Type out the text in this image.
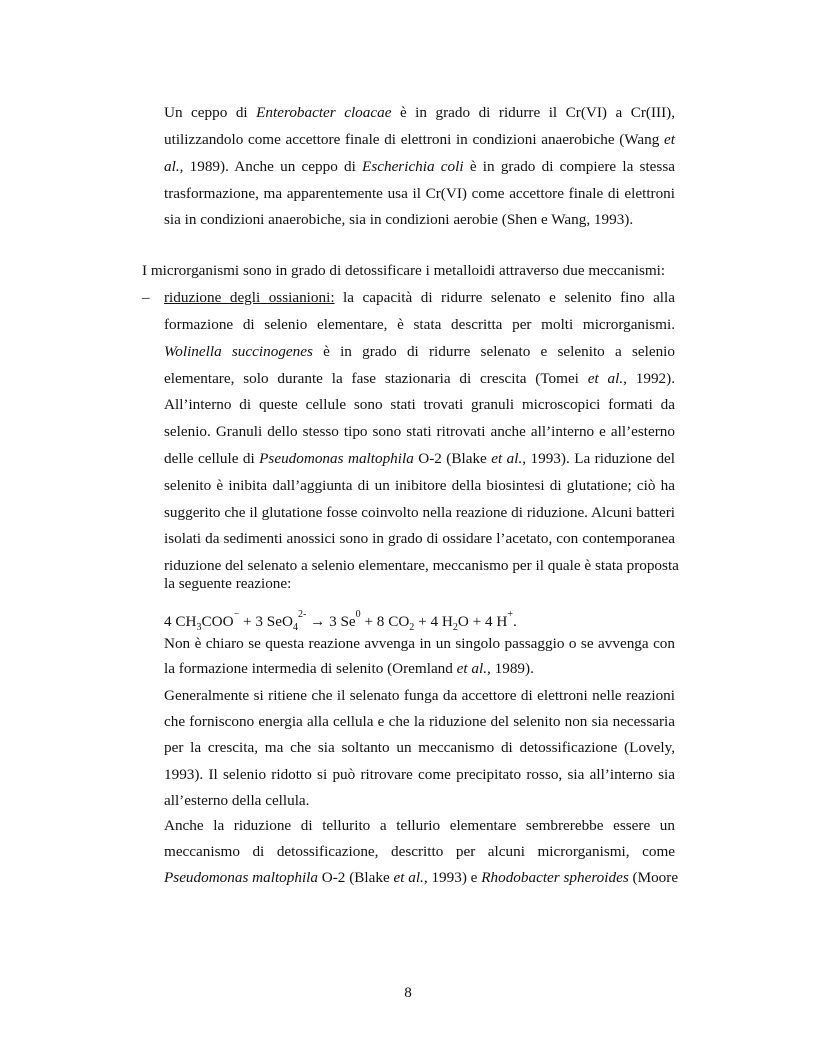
Un ceppo di Enterobacter cloacae è in grado di ridurre il Cr(VI) a Cr(III),
utilizzandolo come accettore finale di elettroni in condizioni anaerobiche (Wang et
al., 1989). Anche un ceppo di Escherichia coli è in grado di compiere la stessa
trasformazione, ma apparentemente usa il Cr(VI) come accettore finale di elettroni
sia in condizioni anaerobiche, sia in condizioni aerobie (Shen e Wang, 1993).
I microrganismi sono in grado di detossificare i metalloidi attraverso due meccanismi:
– riduzione degli ossianioni: la capacità di ridurre selenato e selenito fino alla
formazione di selenio elementare, è stata descritta per molti microrganismi.
Wolinella succinogenes è in grado di ridurre selenato e selenito a selenio
elementare, solo durante la fase stazionaria di crescita (Tomei et al., 1992).
All’interno di queste cellule sono stati trovati granuli microscopici formati da
selenio. Granuli dello stesso tipo sono stati ritrovati anche all’interno e all’esterno
delle cellule di Pseudomonas maltophila O-2 (Blake et al., 1993). La riduzione del
selenito è inibita dall’aggiunta di un inibitore della biosintesi di glutatione; ciò ha
suggerito che il glutatione fosse coinvolto nella reazione di riduzione. Alcuni batteri
isolati da sedimenti anossici sono in grado di ossidare l’acetato, con contemporanea
riduzione del selenato a selenio elementare, meccanismo per il quale è stata proposta
la seguente reazione:
4 $CH_3COO^- + 3$ SeO$_4^{2-}$ → 3 $Se^0 + 8$ $CO_2 + 4$ $H_2O + 4$ H+.
Non è chiaro se questa reazione avvenga in un singolo passaggio o se avvenga con
la formazione intermedia di selenito (Oremland et al., 1989).
Generalmente si ritiene che il selenato funga da accettore di elettroni nelle reazioni
che forniscono energia alla cellula e che la riduzione del selenito non sia necessaria
per la crescita, ma che sia soltanto un meccanismo di detossificazione (Lovely,
1993). Il selenio ridotto si può ritrovare come precipitato rosso, sia all’interno sia
all’esterno della cellula.
Anche la riduzione di tellurito a tellurio elementare sembrerebbe essere un
meccanismo di detossificazione, descritto per alcuni microrganismi, come
Pseudomonas maltophila O-2 (Blake et al., 1993) e Rhodobacter spheroides (Moore
8
